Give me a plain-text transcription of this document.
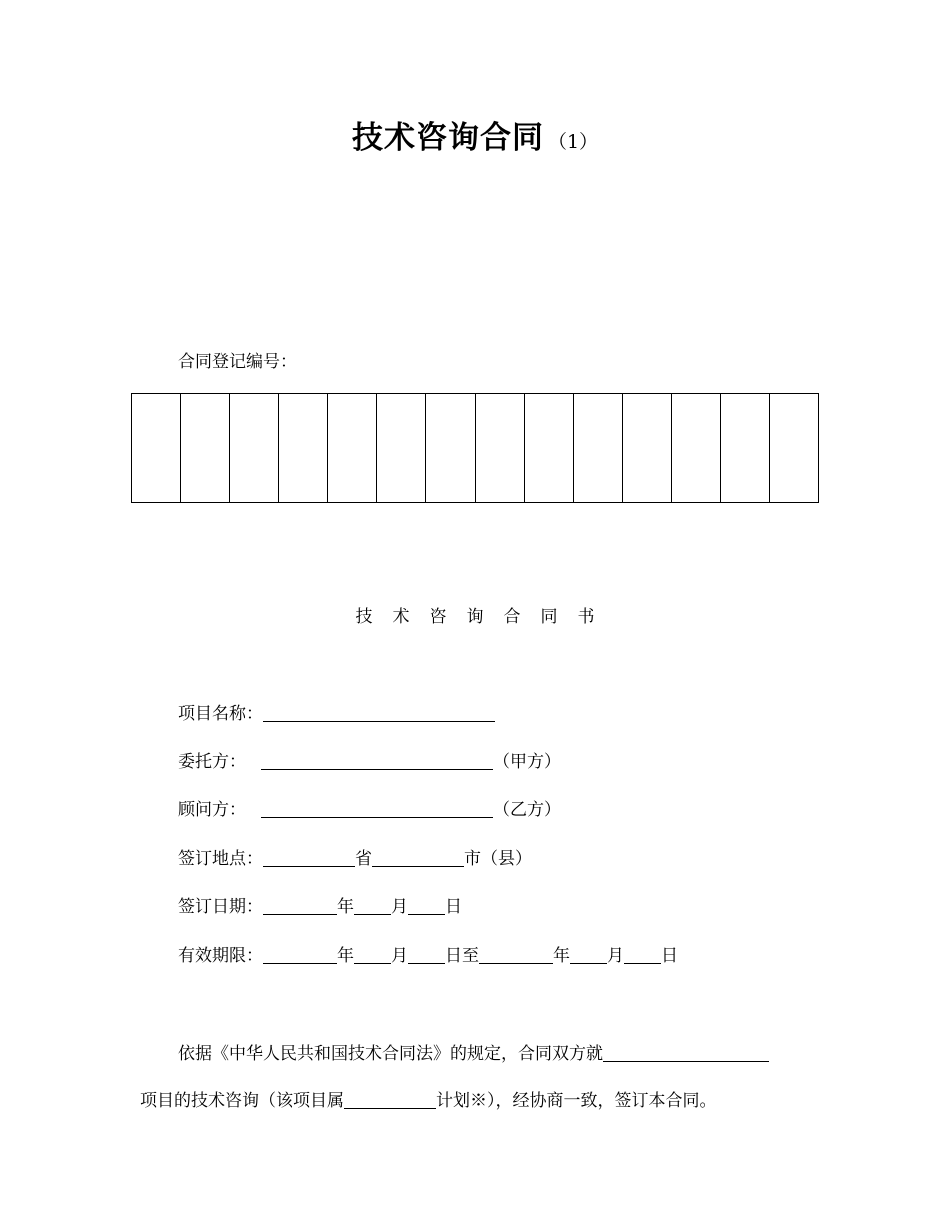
技术咨询合同 （1）
合同登记编号：
技术咨询合同书
项目名称：
委托方：	（甲方）
顾问方：	（乙方）
签订地点：	省	市（县）
签订日期：	年 月 日
有效期限：	年 月 日至	年 月 日
依据《中华人民共和国技术合同法》的规定，合同双方就
项目的技术咨询（该项目属	计划※），经协商一致，签订本合同。
